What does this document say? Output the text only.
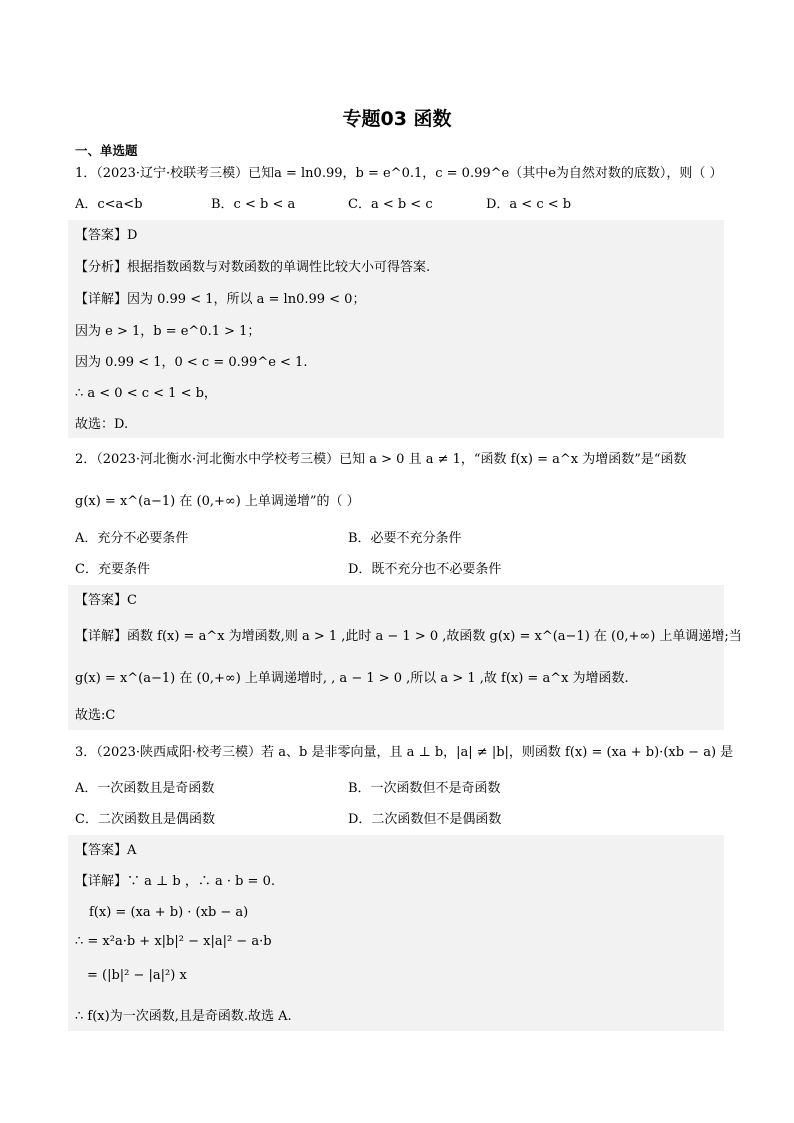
专题03 函数
一、单选题
1．（2023·辽宁·校联考三模）已知a = ln0.99，b = e^0.1，c = 0.99^e（其中e为自然对数的底数），则（ ）
A．c<a<b	B．c < b < a	C．a < b < c	D．a < c < b
【答案】D
【分析】根据指数函数与对数函数的单调性比较大小可得答案.
【详解】因为 0.99 < 1，所以 a = ln0.99 < 0；
因为 e > 1，b = e^0.1 > 1；
因为 0.99 < 1，0 < c = 0.99^e < 1.
∴ a < 0 < c < 1 < b，
故选：D.
2．（2023·河北衡水·河北衡水中学校考三模）已知 a > 0 且 a ≠ 1，“函数 f(x) = a^x 为增函数”是“函数
g(x) = x^(a−1) 在 (0,+∞) 上单调递增”的（ ）
A．充分不必要条件	B．必要不充分条件
C．充要条件	D．既不充分也不必要条件
【答案】C
【详解】函数 f(x) = a^x 为增函数,则 a > 1 ,此时 a − 1 > 0 ,故函数 g(x) = x^(a−1) 在 (0,+∞) 上单调递增;当
g(x) = x^(a−1) 在 (0,+∞) 上单调递增时, , a − 1 > 0 ,所以 a > 1 ,故 f(x) = a^x 为增函数.
故选:C
3．（2023·陕西咸阳·校考三模）若 a、b 是非零向量，且 a ⊥ b，|a| ≠ |b|，则函数 f(x) = (xa + b)·(xb − a) 是
A．一次函数且是奇函数	B．一次函数但不是奇函数
C．二次函数且是偶函数	D．二次函数但不是偶函数
【答案】A
【详解】∵ a ⊥ b ，∴ a · b = 0.
f(x) = (xa + b) · (xb − a)
∴ = x²a·b + x|b|² − x|a|² − a·b
= (|b|² − |a|²) x
∴ f(x)为一次函数,且是奇函数.故选 A.
